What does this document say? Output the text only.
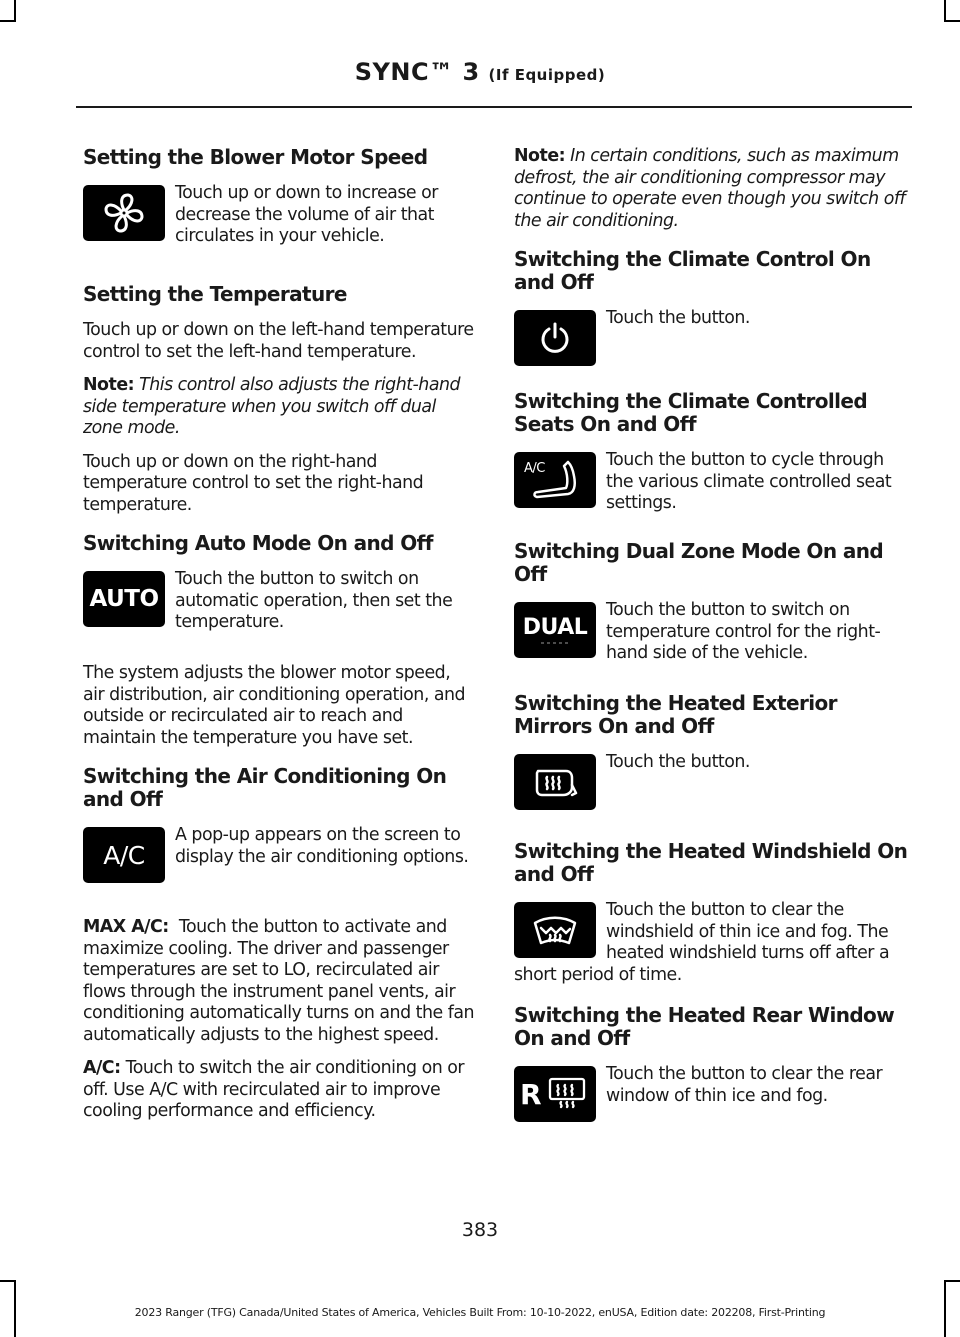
SYNC™ 3 (If Equipped)
Setting the Blower Motor Speed

Touch up or down to increase or decrease the volume of air that circulates in your vehicle.

Setting the Temperature

Touch up or down on the left-hand temperature control to set the left-hand temperature.

Note: This control also adjusts the right-hand side temperature when you switch off dual zone mode.

Touch up or down on the right-hand temperature control to set the right-hand temperature.

Switching Auto Mode On and Off
AUTO

Touch the button to switch on automatic operation, then set the temperature.

The system adjusts the blower motor speed, air distribution, air conditioning operation, and outside or recirculated air to reach and maintain the temperature you have set.

Switching the Air Conditioning On and Off
A/C

A pop-up appears on the screen to display the air conditioning options.

MAX A/C: Touch the button to activate and maximize cooling. The driver and passenger temperatures are set to LO, recirculated air flows through the instrument panel vents, air conditioning automatically turns on and the fan automatically adjusts to the highest speed.

A/C: Touch to switch the air conditioning on or off. Use A/C with recirculated air to improve cooling performance and efficiency.

Note: In certain conditions, such as maximum defrost, the air conditioning compressor may continue to operate even though you switch off the air conditioning.

Switching the Climate Control On and Off

Touch the button.

Switching the Climate Controlled Seats On and Off
A/C	Touch the button to cycle through the various climate controlled seat settings.

Switching Dual Zone Mode On and Off
DUAL

Touch the button to switch on temperature control for the right-hand side of the vehicle.

Switching the Heated Exterior Mirrors On and Off

Touch the button.

Switching the Heated Windshield On and Off

Touch the button to clear the windshield of thin ice and fog. The heated windshield turns off after a short period of time.

Switching the Heated Rear Window On and Off
R

Touch the button to clear the rear window of thin ice and fog.

383
2023 Ranger (TFG) Canada/United States of America, Vehicles Built From: 10-10-2022, enUSA, Edition date: 202208, First-Printing
